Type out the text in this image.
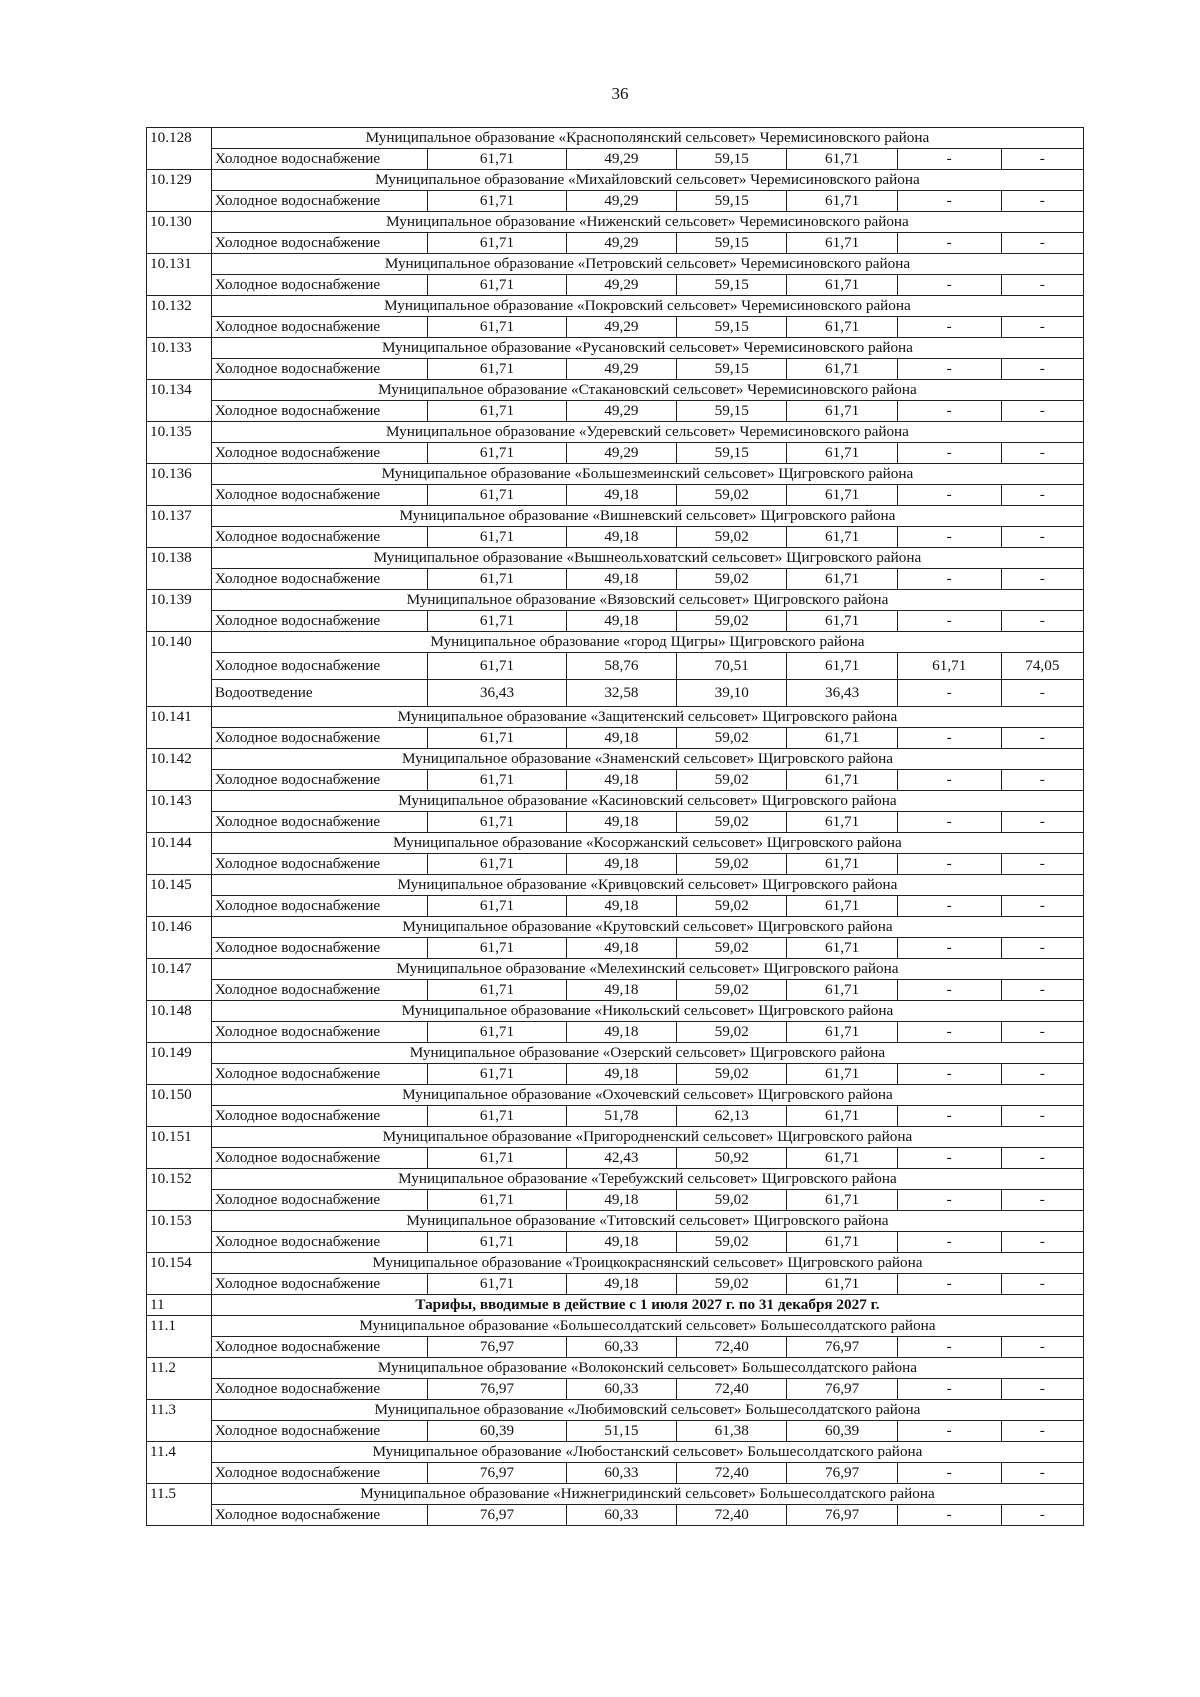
36
10.128	Муниципальное образование «Краснополянский сельсовет» Черемисиновского района						
	Холодное водоснабжение	61,71	49,29	59,15	61,71	-	-
10.129	Муниципальное образование «Михайловский сельсовет» Черемисиновского района						
	Холодное водоснабжение	61,71	49,29	59,15	61,71	-	-
10.130	Муниципальное образование «Ниженский сельсовет» Черемисиновского района						
	Холодное водоснабжение	61,71	49,29	59,15	61,71	-	-
10.131	Муниципальное образование «Петровский сельсовет» Черемисиновского района						
	Холодное водоснабжение	61,71	49,29	59,15	61,71	-	-
10.132	Муниципальное образование «Покровский сельсовет» Черемисиновского района						
	Холодное водоснабжение	61,71	49,29	59,15	61,71	-	-
10.133	Муниципальное образование «Русановский сельсовет» Черемисиновского района						
	Холодное водоснабжение	61,71	49,29	59,15	61,71	-	-
10.134	Муниципальное образование «Стакановский сельсовет» Черемисиновского района						
	Холодное водоснабжение	61,71	49,29	59,15	61,71	-	-
10.135	Муниципальное образование «Удеревский сельсовет» Черемисиновского района						
	Холодное водоснабжение	61,71	49,29	59,15	61,71	-	-
10.136	Муниципальное образование «Большезмеинский сельсовет» Щигровского района						
	Холодное водоснабжение	61,71	49,18	59,02	61,71	-	-
10.137	Муниципальное образование «Вишневский сельсовет» Щигровского района						
	Холодное водоснабжение	61,71	49,18	59,02	61,71	-	-
10.138	Муниципальное образование «Вышнеольховатский сельсовет» Щигровского района						
	Холодное водоснабжение	61,71	49,18	59,02	61,71	-	-
10.139	Муниципальное образование «Вязовский сельсовет» Щигровского района						
	Холодное водоснабжение	61,71	49,18	59,02	61,71	-	-
10.140	Муниципальное образование «город Щигры» Щигровского района						
	Холодное водоснабжение	61,71	58,76	70,51	61,71	61,71	74,05
	Водоотведение	36,43	32,58	39,10	36,43	-	-
10.141	Муниципальное образование «Защитенский сельсовет» Щигровского района						
	Холодное водоснабжение	61,71	49,18	59,02	61,71	-	-
10.142	Муниципальное образование «Знаменский сельсовет» Щигровского района						
	Холодное водоснабжение	61,71	49,18	59,02	61,71	-	-
10.143	Муниципальное образование «Касиновский сельсовет» Щигровского района						
	Холодное водоснабжение	61,71	49,18	59,02	61,71	-	-
10.144	Муниципальное образование «Косоржанский сельсовет» Щигровского района						
	Холодное водоснабжение	61,71	49,18	59,02	61,71	-	-
10.145	Муниципальное образование «Кривцовский сельсовет» Щигровского района						
	Холодное водоснабжение	61,71	49,18	59,02	61,71	-	-
10.146	Муниципальное образование «Крутовский сельсовет» Щигровского района						
	Холодное водоснабжение	61,71	49,18	59,02	61,71	-	-
10.147	Муниципальное образование «Мелехинский сельсовет» Щигровского района						
	Холодное водоснабжение	61,71	49,18	59,02	61,71	-	-
10.148	Муниципальное образование «Никольский сельсовет» Щигровского района						
	Холодное водоснабжение	61,71	49,18	59,02	61,71	-	-
10.149	Муниципальное образование «Озерский сельсовет» Щигровского района						
	Холодное водоснабжение	61,71	49,18	59,02	61,71	-	-
10.150	Муниципальное образование «Охочевский сельсовет» Щигровского района						
	Холодное водоснабжение	61,71	51,78	62,13	61,71	-	-
10.151	Муниципальное образование «Пригородненский сельсовет» Щигровского района						
	Холодное водоснабжение	61,71	42,43	50,92	61,71	-	-
10.152	Муниципальное образование «Теребужский сельсовет» Щигровского района						
	Холодное водоснабжение	61,71	49,18	59,02	61,71	-	-
10.153	Муниципальное образование «Титовский сельсовет» Щигровского района						
	Холодное водоснабжение	61,71	49,18	59,02	61,71	-	-
10.154	Муниципальное образование «Троицкокраснянский сельсовет» Щигровского района						
	Холодное водоснабжение	61,71	49,18	59,02	61,71	-	-
11	Тарифы, вводимые в действие с 1 июля 2027 г. по 31 декабря 2027 г.						
11.1	Муниципальное образование «Большесолдатский сельсовет» Большесолдатского района						
	Холодное водоснабжение	76,97	60,33	72,40	76,97	-	-
11.2	Муниципальное образование «Волоконский сельсовет» Большесолдатского района						
	Холодное водоснабжение	76,97	60,33	72,40	76,97	-	-
11.3	Муниципальное образование «Любимовский сельсовет» Большесолдатского района						
	Холодное водоснабжение	60,39	51,15	61,38	60,39	-	-
11.4	Муниципальное образование «Любостанский сельсовет» Большесолдатского района						
	Холодное водоснабжение	76,97	60,33	72,40	76,97	-	-
11.5	Муниципальное образование «Нижнегридинский сельсовет» Большесолдатского района						
	Холодное водоснабжение	76,97	60,33	72,40	76,97	-	-
